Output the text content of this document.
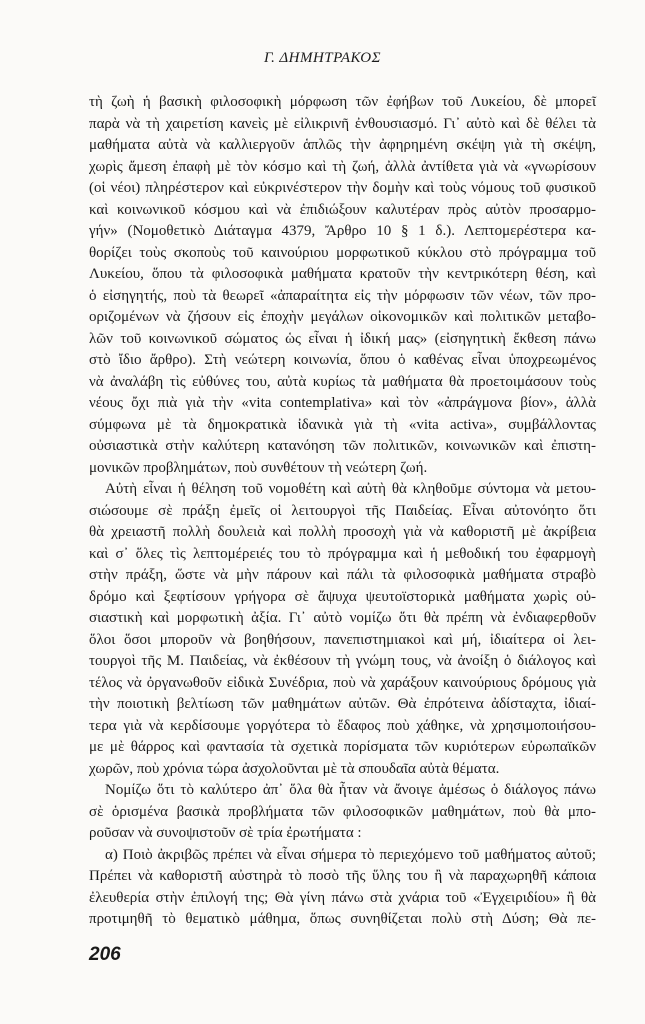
Γ. ΔΗΜΗΤΡΑΚΟΣ
τὴ ζωὴ ἡ βασικὴ φιλοσοφικὴ μόρφωση τῶν ἐφήβων τοῦ Λυκείου, δὲ μπορεῖ
παρὰ νὰ τὴ χαιρετίση κανεὶς μὲ εἰλικρινῆ ἐνθουσιασμό. Γι᾽ αὐτὸ καὶ δὲ θέλει τὰ
μαθήματα αὐτὰ νὰ καλλιεργοῦν ἁπλῶς τὴν ἀφηρημένη σκέψη γιὰ τὴ σκέψη,
χωρὶς ἄμεση ἐπαφὴ μὲ τὸν κόσμο καὶ τὴ ζωή, ἀλλὰ ἀντίθετα γιὰ νὰ «γνωρίσουν
(οἱ νέοι) πληρέστερον καὶ εὐκρινέστερον τὴν δομὴν καὶ τοὺς νόμους τοῦ φυσικοῦ
καὶ κοινωνικοῦ κόσμου καὶ νὰ ἐπιδιώξουν καλυτέραν πρὸς αὐτὸν προσαρμο-
γήν» (Νομοθετικὸ Διάταγμα 4379, Ἄρθρο 10 § 1 δ.). Λεπτομερέστερα κα-
θορίζει τοὺς σκοποὺς τοῦ καινούριου μορφωτικοῦ κύκλου στὸ πρόγραμμα τοῦ
Λυκείου, ὅπου τὰ φιλοσοφικὰ μαθήματα κρατοῦν τὴν κεντρικότερη θέση, καὶ
ὁ εἰσηγητής, ποὺ τὰ θεωρεῖ «ἀπαραίτητα εἰς τὴν μόρφωσιν τῶν νέων, τῶν προ-
οριζομένων νὰ ζήσουν εἰς ἐποχὴν μεγάλων οἰκονομικῶν καὶ πολιτικῶν μεταβο-
λῶν τοῦ κοινωνικοῦ σώματος ὡς εἶναι ἡ ἰδική μας» (εἰσηγητικὴ ἔκθεση πάνω
στὸ ἴδιο ἄρθρο). Στὴ νεώτερη κοινωνία, ὅπου ὁ καθένας εἶναι ὑποχρεωμένος
νὰ ἀναλάβη τὶς εὐθύνες του, αὐτὰ κυρίως τὰ μαθήματα θὰ προετοιμάσουν τοὺς
νέους ὄχι πιὰ γιὰ τὴν «vita contemplativa» καὶ τὸν «ἀπράγμονα βίον», ἀλλὰ
σύμφωνα μὲ τὰ δημοκρατικὰ ἰδανικὰ γιὰ τὴ «vita activa», συμβάλλοντας
οὐσιαστικὰ στὴν καλύτερη κατανόηση τῶν πολιτικῶν, κοινωνικῶν καὶ ἐπιστη-
μονικῶν προβλημάτων, ποὺ συνθέτουν τὴ νεώτερη ζωή.
Αὐτὴ εἶναι ἡ θέληση τοῦ νομοθέτη καὶ αὐτὴ θὰ κληθοῦμε σύντομα νὰ μετου-
σιώσουμε σὲ πράξη ἐμεῖς οἱ λειτουργοὶ τῆς Παιδείας. Εἶναι αὐτονόητο ὅτι
θὰ χρειαστῆ πολλὴ δουλειὰ καὶ πολλὴ προσοχὴ γιὰ νὰ καθοριστῆ μὲ ἀκρίβεια
καὶ σ᾽ ὅλες τὶς λεπτομέρειές του τὸ πρόγραμμα καὶ ἡ μεθοδική του ἐφαρμογὴ
στὴν πράξη, ὥστε νὰ μὴν πάρουν καὶ πάλι τὰ φιλοσοφικὰ μαθήματα στραβὸ
δρόμο καὶ ξεφτίσουν γρήγορα σὲ ἄψυχα ψευτοϊστορικὰ μαθήματα χωρὶς οὐ-
σιαστικὴ καὶ μορφωτικὴ ἀξία. Γι᾽ αὐτὸ νομίζω ὅτι θὰ πρέπη νὰ ἐνδιαφερθοῦν
ὅλοι ὅσοι μποροῦν νὰ βοηθήσουν, πανεπιστημιακοὶ καὶ μή, ἰδιαίτερα οἱ λει-
τουργοὶ τῆς Μ. Παιδείας, νὰ ἐκθέσουν τὴ γνώμη τους, νὰ ἀνοίξη ὁ διάλογος καὶ
τέλος νὰ ὀργανωθοῦν εἰδικὰ Συνέδρια, ποὺ νὰ χαράξουν καινούριους δρόμους γιὰ
τὴν ποιοτικὴ βελτίωση τῶν μαθημάτων αὐτῶν. Θὰ ἐπρότεινα ἀδίσταχτα, ἰδιαί-
τερα γιὰ νὰ κερδίσουμε γοργότερα τὸ ἔδαφος ποὺ χάθηκε, νὰ χρησιμοποιήσου-
με μὲ θάρρος καὶ φαντασία τὰ σχετικὰ πορίσματα τῶν κυριότερων εὐρωπαϊκῶν
χωρῶν, ποὺ χρόνια τώρα ἀσχολοῦνται μὲ τὰ σπουδαῖα αὐτὰ θέματα.
Νομίζω ὅτι τὸ καλύτερο ἀπ᾽ ὅλα θὰ ἦταν νὰ ἄνοιγε ἀμέσως ὁ διάλογος πάνω
σὲ ὁρισμένα βασικὰ προβλήματα τῶν φιλοσοφικῶν μαθημάτων, ποὺ θὰ μπο-
ροῦσαν νὰ συνοψιστοῦν σὲ τρία ἐρωτήματα :
α) Ποιὸ ἀκριβῶς πρέπει νὰ εἶναι σήμερα τὸ περιεχόμενο τοῦ μαθήματος αὐτοῦ;
Πρέπει νὰ καθοριστῆ αὐστηρὰ τὸ ποσὸ τῆς ὕλης του ἢ νὰ παραχωρηθῆ κάποια
ἐλευθερία στὴν ἐπιλογή της; Θὰ γίνη πάνω στὰ χνάρια τοῦ «Ἐγχειριδίου» ἢ θὰ
προτιμηθῆ τὸ θεματικὸ μάθημα, ὅπως συνηθίζεται πολὺ στὴ Δύση; Θὰ πε-
206
